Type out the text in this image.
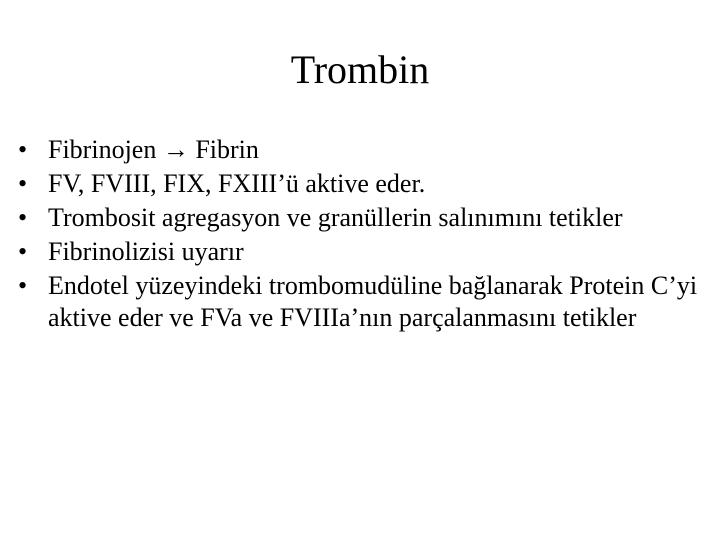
Trombin
• Fibrinojen → Fibrin
• FV, FVIII, FIX, FXIII’ü aktive eder.
• Trombosit agregasyon ve granüllerin salınımını tetikler
• Fibrinolizisi uyarır
• Endotel yüzeyindeki trombomudüline bağlanarak Protein C’yi aktive eder ve FVa ve FVIIIa’nın parçalanmasını tetikler
